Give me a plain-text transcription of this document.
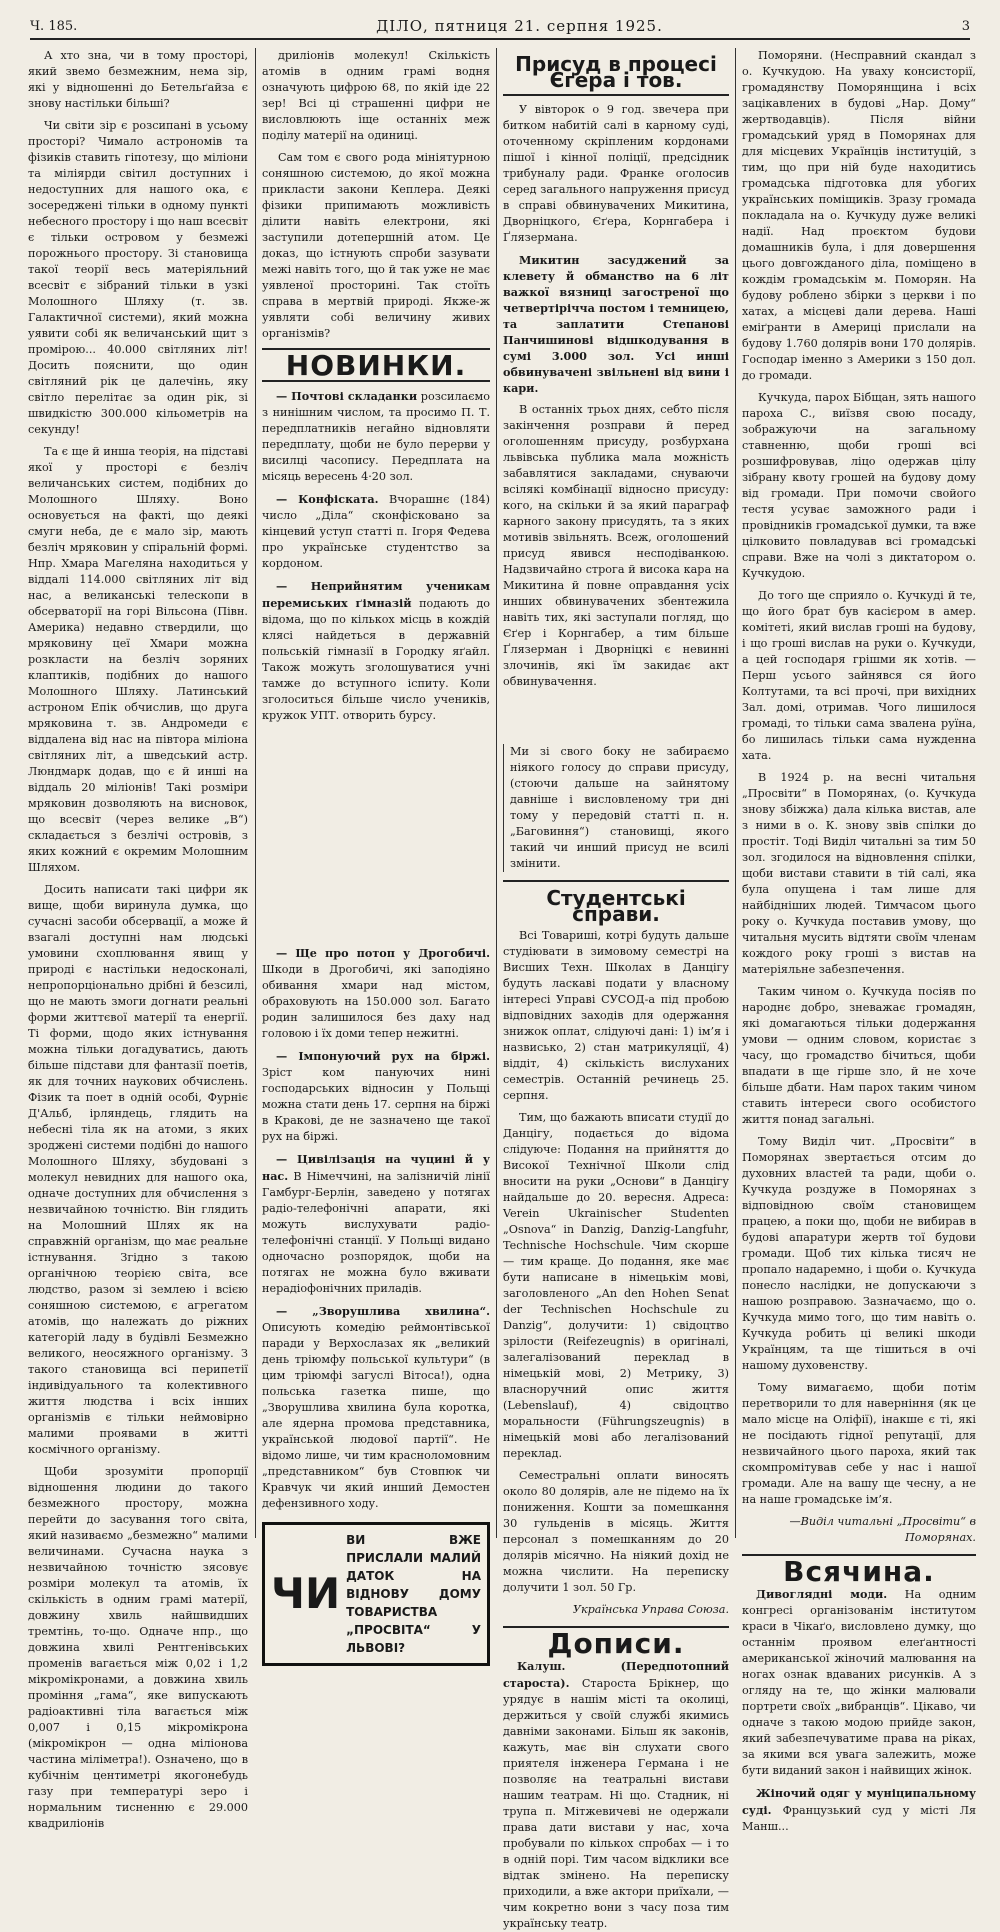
Ч. 185.	ДІЛО, пятниця 21. серпня 1925.	3

А хто зна, чи в тому просторі, який звемо безмежним, нема зір, які у відношенні до Бетельґайза є знову настільки більші?

Чи світи зір є розсипані в усьому просторі? Чимало астрономів та фізиків ставить гіпотезу, що міліони та міліярди світил доступних і недоступних для нашого ока, є зосереджені тільки в одному пункті небесного простору і що наш всесвіт є тільки островом у безмежі порожнього простору. Зі становища такої теорії весь матеріяльний всесвіт є зібраний тільки в узкі Молошного Шляху (т. зв. Галактичної системи), який можна уявити собі як величанський щит з промірою... 40.000 світляних літ! Досить пояснити, що один світляний рік це далечінь, яку світло перелітає за один рік, зі швидкістю 300.000 кільометрів на секунду!

Та є ще й инша теорія, на підставі якої у просторі є безліч величанських систем, подібних до Молошного Шляху. Воно основується на факті, що деякі смуги неба, де є мало зір, мають безліч мряковин у спіральній формі. Нпр. Хмара Магеляна находиться у віддалі 114.000 світляних літ від нас, а великанські телескопи в обсерваторії на горі Вільсона (Півн. Америка) недавно ствердили, що мряковину цеї Хмари можна розкласти на безліч зоряних клаптиків, подібних до нашого Молошного Шляху. Латинський астроном Епік обчислив, що друга мряковина т. зв. Андромеди є віддалена від нас на півтора міліона світляних літ, а шведський астр. Люндмарк додав, що є й инші на віддаль 20 міліонів! Такі розміри мряковин дозволяють на висновок, що всесвіт (через велике „В“) складається з безлічі островів, з яких кожний є окремим Молошним Шляхом.

Досить написати такі цифри як вище, щоби виринула думка, що сучасні засоби обсервації, а може й взагалі доступні нам людські умовини схоплювання явищ у природі є настільки недосконалі, непропорціонально дрібні й безсилі, що не мають змоги догнати реальні форми життєвої матерії та енергії. Ті форми, щодо яких істнування можна тільки догадуватись, дають більше підстави для фантазії поетів, як для точних наукових обчислень. Фізик та поет в одній особі, Фурніє Д'Альб, ірляндець, глядить на небесні тіла як на атоми, з яких зроджені системи подібні до нашого Молошного Шляху, збудовані з молекул невидних для нашого ока, одначе доступних для обчислення з незвичайною точністю. Він глядить на Молошний Шлях як на справжній організм, що має реальне істнування. Згідно з такою органічною теорією світа, все людство, разом зі землею і всією соняшною системою, є агрегатом атомів, що належать до ріжних категорій ладу в будівлі Безмежно великого, неосяжного організму. З такого становища всі перипетії індивідуального та колективного життя людства і всіх інших організмів є тільки неймовірно малими проявами в житті космічного організму.

Щоби зрозуміти пропорції відношення людини до такого безмежного простору, можна перейти до засування того світа, який називаємо „безмежно“ малими величинами. Сучасна наука з незвичайною точністю зясовує розміри молекул та атомів, їх скількість в одним грамі матерії, довжину хвиль найшвидших тремтінь, то-що. Одначе нпр., що довжина хвилі Рентгенівських променів вагається між 0,02 і 1,2 мікромікронами, а довжина хвиль проміння „гама“, яке випускають радіоактивні тіла вагається між 0,007 і 0,15 мікромікрона (мікромікрон — одна міліонова частина міліметра!). Означено, що в кубічнім центиметрі якогонебудь газу при температурі зеро і нормальним тисненню є 29.000 квадриліонів

дриліонів молекул! Скількість атомів в одним грамі водня означують цифрою 68, по якій іде 22 зер! Всі ці страшенні цифри не висловлюють іще останніх меж поділу матерії на одиниці.

Сам том є свого рода мініятурною соняшною системою, до якої можна прикласти закони Кеплера. Деякі фізики припимають можливість ділити навіть електрони, які заступили дотепершній атом. Це доказ, що істнують спроби зазувати межі навіть того, що й так уже не має уявленої просторині. Так стоїть справа в мертвій природі. Якже-ж уявляти собі величину живих організмів?

НОВИНКИ.
— Почтові складанки розсилаємо з нинішним числом, та просимо П. Т. передплатників негайно відновляти передплату, щоби не було перерви у висилці часопису. Передплата на місяць вересень 4·20 зол.
— Конфіската. Вчорашнє (184) число „Діла“ сконфісковано за кінцевий уступ статті п. Ігоря Федева про українське студентство за кордоном.
— Неприйнятим ученикам перемиських ґімназій подають до відома, що по кількох місць в кождій клясі найдеться в державній польській гімназії в Городку яґайл. Також можуть зголошуватися учні тамже до вступного іспиту. Коли зголоситься більше число учеників, кружок УПТ. отворить бурсу.
— Ще про потоп у Дрогобичі. Шкоди в Дрогобичі, які заподіяно обивання хмари над містом, обраховують на 150.000 зол. Багато родин залишилося без даху над головою і їх доми тепер нежитні.
— Імпонуючий рух на біржі. Зріст ком пануючих нині господарських відносин у Польщі можна стати день 17. серпня на біржі в Кракові, де не зазначено ще такої рух на біржі.
— Цивілізація на чуцині й у нас. В Німеччині, на залізничій лінії Гамбург-Берлін, заведено у потягах радіо-телефонічні апарати, які можуть вислухувати радіо-телефонічні станції. У Польщі видано одночасно розпорядок, щоби на потягах не можна було вживати нерадіофонічних приладів.
— „Зворушлива хвилина“. Описують комедію реймонтівської паради у Верхослазах як „великий день тріюмфу польської культури“ (в цим тріюмфі загуслі Вітоса!), одна польська газетка пише, що „Зворушлива хвилина була коротка, але ядерна промова представника, українськой людової партії“. Не відомо лише, чи тим красноломовним „представником“ був Стовпюк чи Кравчук чи який инший Демостен дефензивного ходу.
ЧИ
ВИ ВЖЕ ПРИСЛАЛИ МАЛИЙ ДАТОК НА ВІДНОВУ ДОМУ ТОВАРИСТВА „ПРОСВІТА“ У ЛЬВОВІ?
Присуд в процесі Єґера і тов.

У вівторок о 9 год. звечера при битком набитій салі в карному суді, оточенному скріпленим кордонами пішої і кінної поліції, предсідник трибуналу ради. Франке оголосив серед загального напруження присуд в справі обвинувачених Микитина, Дворніцкого, Єґера, Корнгабера і Ґлязермана.

Микитин засуджений за клевету й обманство на 6 літ важкої вязниці загостреної що четвертірічча постом і темницею, та заплатити Степанові Панчишинові відшкодування в сумі 3.000 зол. Усі инші обвинувачені звільнені від вини і кари.

В останніх трьох днях, себто після закінчення розправи й перед оголошенням присуду, розбурхана львівська публика мала можність забавлятися закладами, снуваючи всілякі комбінації відносно присуду: кого, на скільки й за який параграф карного закону присудять, та з яких мотивів звільнять. Всеж, оголошений присуд явився несподіванкою. Надзвичайно строга й висока кара на Микитина й повне оправдання усіх инших обвинувачених збентежила навіть тих, які заступали погляд, що Єґер і Корнгабер, а тим більше Ґлязерман і Дворніцкі є невинні злочинів, які їм закидає акт обвинувачення.

Ми зі свого боку не забираємо ніякого голосу до справи присуду, (стоючи дальше на зайнятому давніше і висловленому три дні тому у передовій статті п. н. „Баговиння“) становищі, якого такий чи инший присуд не всилі змінити.
Студентські справи.

Всі Товариші, котрі будуть дальше студіювати в зимовому семестрі на Висших Техн. Школах в Данцігу будуть ласкаві подати у власному інтересі Управі СУСОД-а під пробою відповідних заходів для одержання знижок оплат, слідуючі дані: 1) ім’я і назвисько, 2) стан матрикуляції, 4) віддіт, 4) скількість вислуханих семестрів. Останній речинець 25. серпня.

Тим, що бажають вписати студії до Данцігу, подається до відома слідуюче: Подання на прийняття до Високої Технічної Школи слід вносити на руки „Основи“ в Данцігу найдальше до 20. вересня. Адреса: Verein Ukrainischer Studenten „Osnova“ in Danzig, Danzig-Langfuhr, Technische Hochschule. Чим скорше — тим краще. До подання, яке має бути написане в німецькім мові, заголовленого „An den Hohen Senat der Technischen Hochschule zu Danzig“, долучити: 1) свідоцтво зрілости (Reifezeugnis) в оригіналі, залегалізований переклад в німецькій мові, 2) Метрику, 3) власноручний опис життя (Lebenslauf), 4) свідоцтво моральности (Führungszeugnis) в німецькій мові або легалізований переклад.

Семестральні оплати виносять около 80 долярів, але не підемо на їх пониження. Кошти за помешкання 30 гульденів в місяць. Життя персонал з помешканням до 20 долярів місячно. На ніякий дохід не можна числити. На переписку долучити 1 зол. 50 Гр.

Українська Управа Союза.
Дописи.
Калуш. (Передпотопний староста). Староста Брікнер, що урядує в нашім місті та околиці, держиться у своїй службі якимись давніми законами. Більш як законів, кажуть, має він слухати свого приятеля інженера Германа і не позволяє на театральні вистави нашим театрам. Ні що. Стадник, ні трупа п. Мітжевичеві не одержали права дати вистави у нас, хоча пробували по кількох спробах — і то в одній порі. Тим часом відклики все відтак змінено. На переписку приходили, а вже актори приїхали, — чим кокретно вони з часу поза тим українську театр.

Поморяни. (Несправний скандал з о. Кучкудою. На уваху консисторії, громадянству Поморянщина і всіх зацікавлених в будові „Нар. Дому“ жертводавців). Після війни громадський уряд в Поморянах для для місцевих Українців інституцій, з тим, що при ній буде находитись громадська підготовка для убогих українських поміщиків. Зразу громада покладала на о. Кучкуду дуже великі надії. Над проєктом будови домашників була, і для довершення цього довгожданого діла, поміщено в кождім громадськім м. Поморян. На будову роблено збірки з церкви і по хатах, а місцеві дали дерева. Наші еміґранти в Америці прислали на будову 1.760 долярів вони 170 долярів. Господар іменно з Америки з 150 дол. до громади.

Кучкуда, парох Бібщан, зять нашого пароха С., виїзвя свою посаду, зображуючи на загальному ставненню, щоби гроші всі розшифровував, ліцо одержав цілу зібрану квоту грошей на будову дому від громади. При помочи свойого тестя усуває заможного ради і провідників громадської думки, та вже цілковито повладував всі громадські справи. Вже на чолі з диктатором о. Кучкудою.

До того ще сприяло о. Кучкуді й те, що його брат був касієром в амер. комітеті, який вислав гроші на будову, і що гроші вислав на руки о. Кучкуди, а цей господаря грішми як хотів. — Перш усього зайнявся ся його Колтутами, та всі прочі, при вихідних Зал. домі, отримав. Чого лишилося громаді, то тільки сама звалена руїна, бо лишилась тільки сама нужденна хата.

В 1924 р. на весні читальня „Просвіти“ в Поморянах, (о. Кучкуда знову збіжжа) дала кілька вистав, але з ними в о. К. знову звів спілки до простіт. Тоді Виділ читальні за тим 50 зол. згодилося на відновлення спілки, щоби вистави ставити в тій салі, яка була опущена і там лише для найбідніших людей. Тимчасом цього року о. Кучкуда поставив умову, що читальня мусить відтяти своїм членам кождого року гроші з вистав на матеріяльне забезпечення.

Таким чином о. Кучкуда посіяв по народнє добро, зневажає громадян, які домагаються тільки додержання умови — одним словом, користає з часу, що громадство бічиться, щоби впадати в ще гірше зло, й не хоче більше дбати. Нам парох таким чином ставить інтереси свого особистого життя понад загальні.

Тому Виділ чит. „Просвіти“ в Поморянах звертається отсим до духовних властей та ради, щоби о. Кучкуда роздуже в Поморянах з відповідною своїм становищем працею, а поки що, щоби не вибирав в будові апаратури жертв тої будови громади. Щоб тих кілька тисяч не пропало надаремно, і щоби о. Кучкуда понесло наслідки, не допускаючи з нашою розправою. Зазначаємо, що о. Кучкуда мимо того, що тим навіть о. Кучкуда робить ці великі шкоди Українцям, та ще тішиться в очі нашому духовенству.

Тому вимагаємо, щоби потім перетворили то для наверніння (як це мало місце на Оліфії), інакше є ті, які не посідають гідної репутації, для незвичайного цього пароха, який так скомпромітував себе у нас і нашої громади. Але на вашу ще чесну, а не на наше громадське ім’я.

—Виділ читальні „Просвіти“ в Поморянах.
Всячина.
Дивоглядні моди. На одним конгресі організованім інститутом краси в Чікаґо, висловлено думку, що останнім проявом елеґантності американської жіночий малювання на ногах ознак вдаваних рисунків. А з огляду на те, що жінки малювали портрети своїх „вибранців“. Цікаво, чи одначе з такою модою прийде закон, який забезпечуватиме права на ріках, за якими вся увага залежить, може бути виданий закон і найвищих жінок.
Жіночий одяг у муніципальному суді. Французький суд у місті Ля Манш...
